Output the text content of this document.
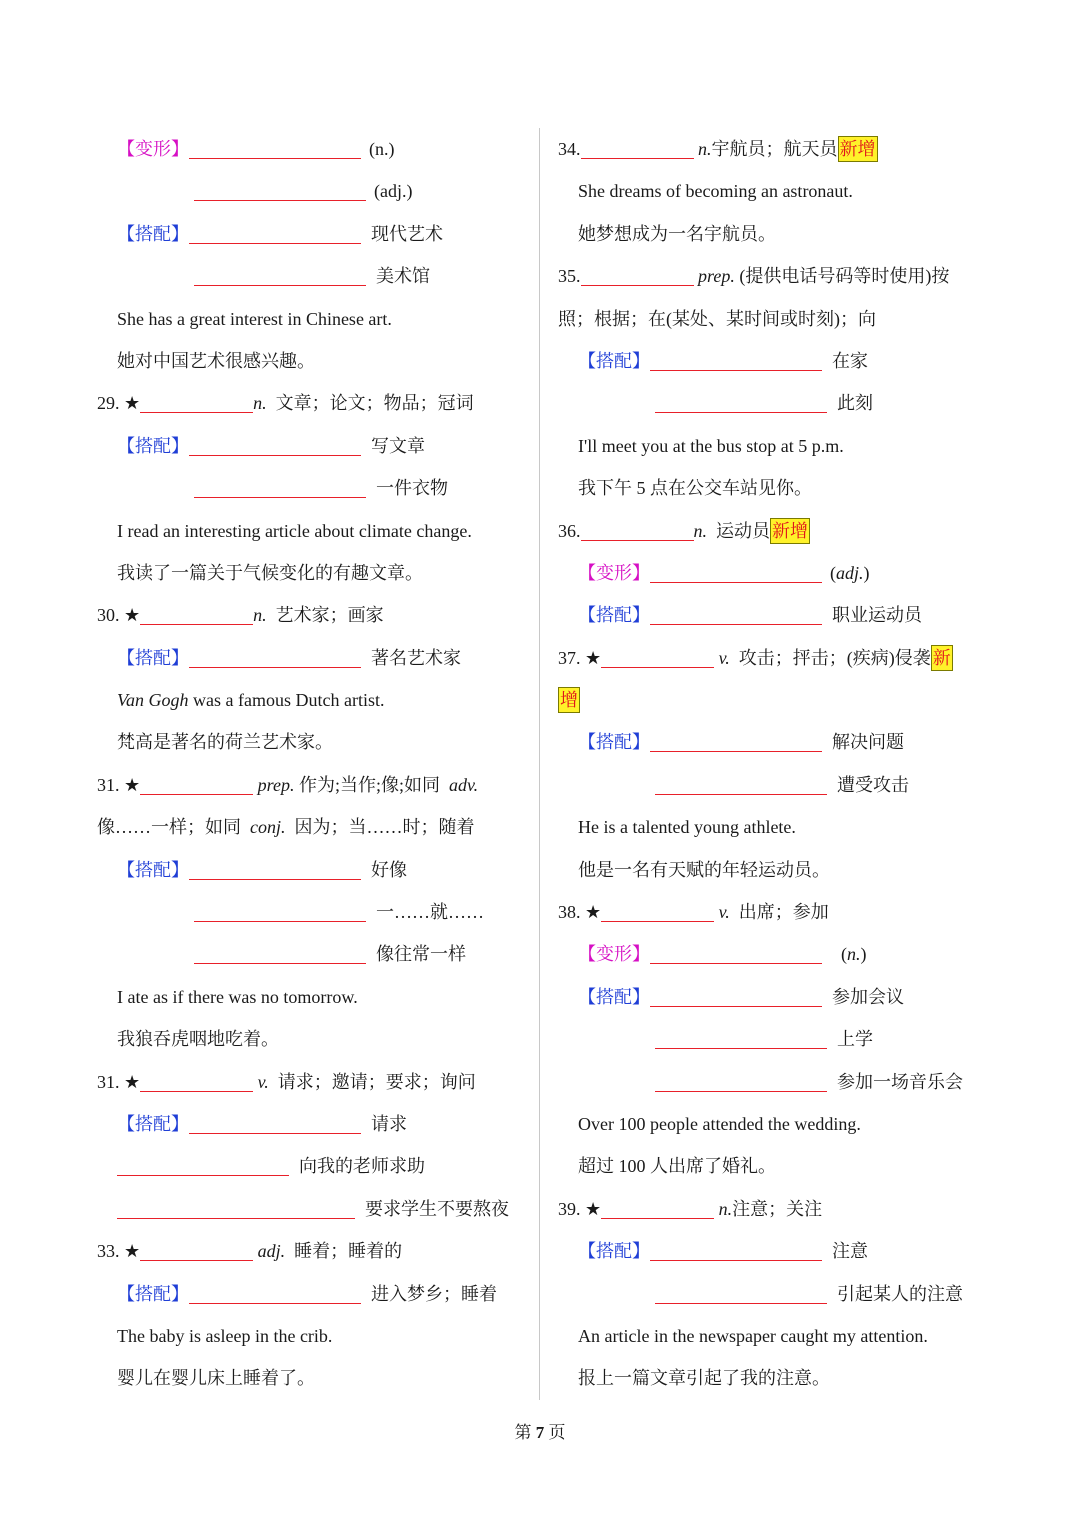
【变形】	(n.)
(adj.)
【搭配】	现代艺术
美术馆
She has a great interest in Chinese art.
她对中国艺术很感兴趣。
29. ★	n. 文章；论文；物品；冠词
【搭配】	写文章
一件衣物
I read an interesting article about climate change.
我读了一篇关于气候变化的有趣文章。
30. ★	n. 艺术家；画家
【搭配】	著名艺术家
Van Gogh was a famous Dutch artist.
梵高是著名的荷兰艺术家。
31. ★	prep. 作为;当作;像;如同 adv.
像……一样；如同 conj. 因为；当……时；随着
【搭配】	好像
一……就……
像往常一样
I ate as if there was no tomorrow.
我狼吞虎咽地吃着。
31. ★	v. 请求；邀请；要求；询问
【搭配】	请求
向我的老师求助
要求学生不要熬夜
33. ★	adj. 睡着；睡着的
【搭配】	进入梦乡；睡着
The baby is asleep in the crib.
婴儿在婴儿床上睡着了。
34.	n.宇航员；航天员 新增
She dreams of becoming an astronaut.
她梦想成为一名宇航员。
35.	prep. (提供电话号码等时使用)按
照；根据；在(某处、某时间或时刻)；向
【搭配】	在家
此刻
I'll meet you at the bus stop at 5 p.m.
我下午 5 点在公交车站见你。
36.	n. 运动员 新增
【变形】	(adj.)
【搭配】	职业运动员
37. ★	v. 攻击；抨击；(疾病)侵袭 新
增
【搭配】	解决问题
遭受攻击
He is a talented young athlete.
他是一名有天赋的年轻运动员。
38. ★	v. 出席；参加
【变形】	(n.)
【搭配】	参加会议
上学
参加一场音乐会
Over 100 people attended the wedding.
超过 100 人出席了婚礼。
39. ★	n.注意；关注
【搭配】	注意
引起某人的注意
An article in the newspaper caught my attention.
报上一篇文章引起了我的注意。
第 7 页
